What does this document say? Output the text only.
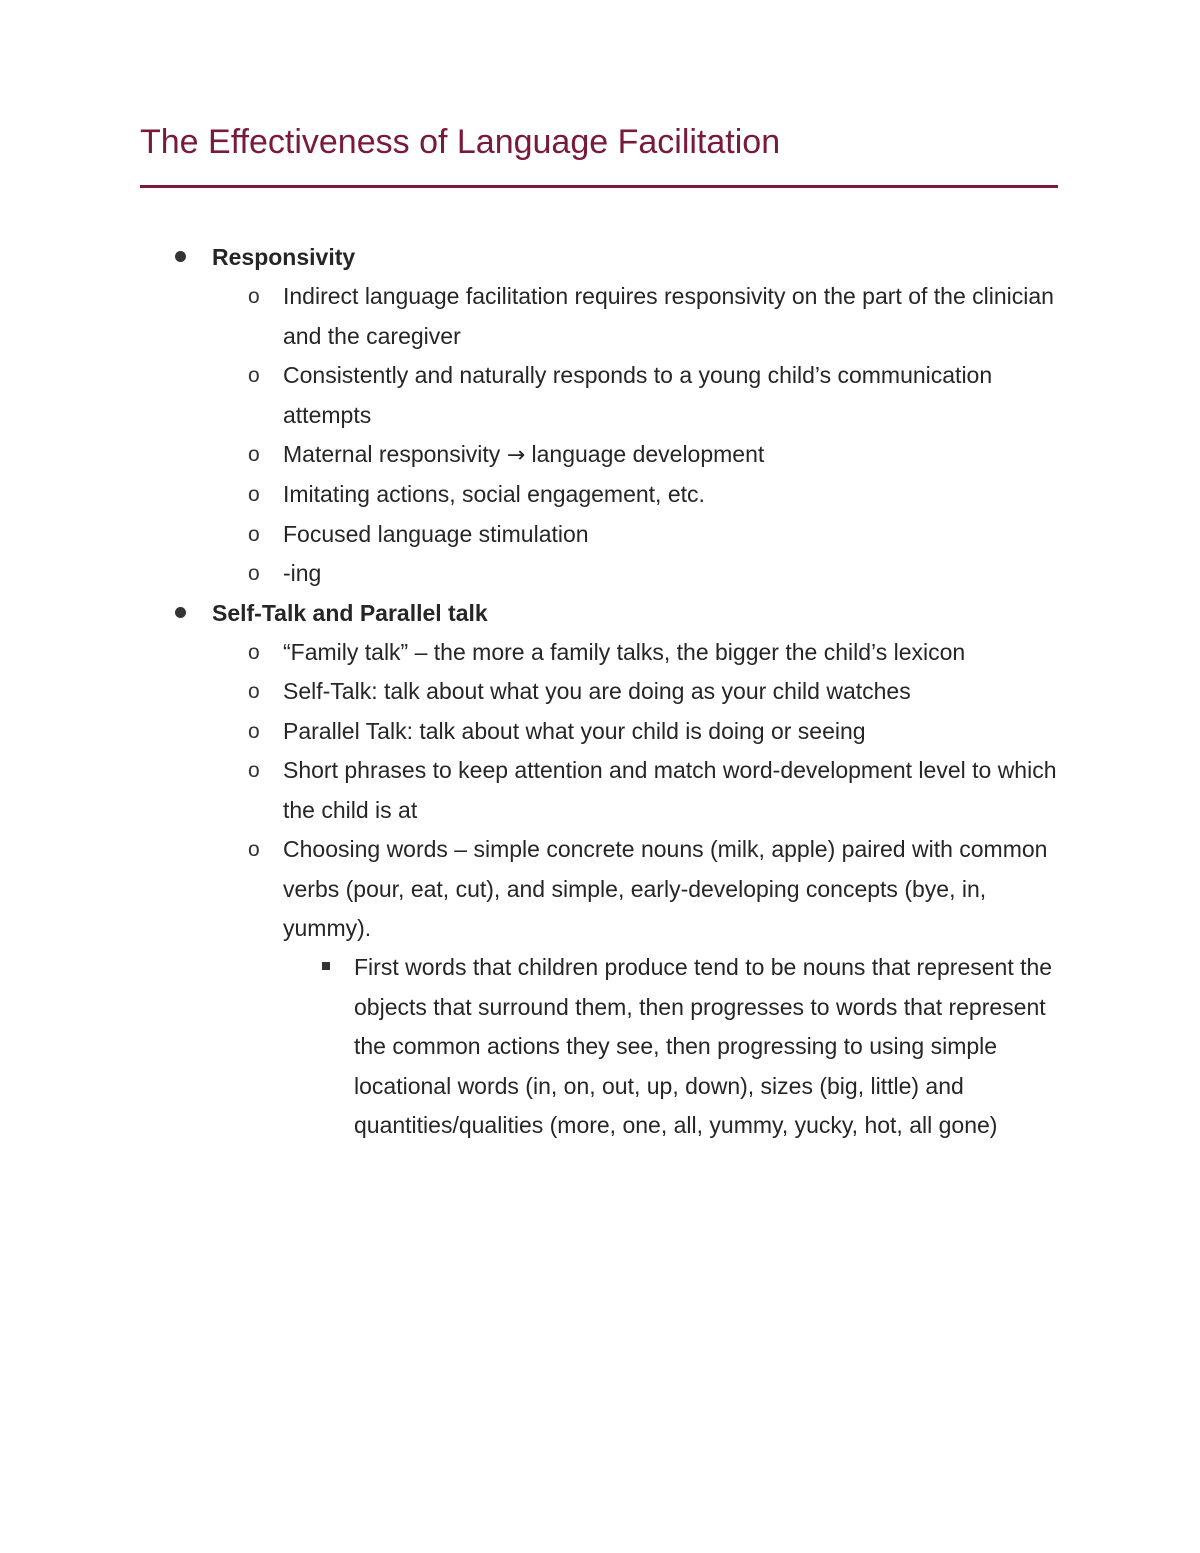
The Effectiveness of Language Facilitation
Responsivity
o Indirect language facilitation requires responsivity on the part of the clinician and the caregiver
o Consistently and naturally responds to a young child’s communication attempts
o Maternal responsivity → language development
o Imitating actions, social engagement, etc.
o Focused language stimulation
o -ing
Self-Talk and Parallel talk
o “Family talk” – the more a family talks, the bigger the child’s lexicon
o Self-Talk: talk about what you are doing as your child watches
o Parallel Talk: talk about what your child is doing or seeing
o Short phrases to keep attention and match word-development level to which the child is at
o Choosing words – simple concrete nouns (milk, apple) paired with common verbs (pour, eat, cut), and simple, early-developing concepts (bye, in, yummy).
First words that children produce tend to be nouns that represent the objects that surround them, then progresses to words that represent the common actions they see, then progressing to using simple locational words (in, on, out, up, down), sizes (big, little) and quantities/qualities (more, one, all, yummy, yucky, hot, all gone)
